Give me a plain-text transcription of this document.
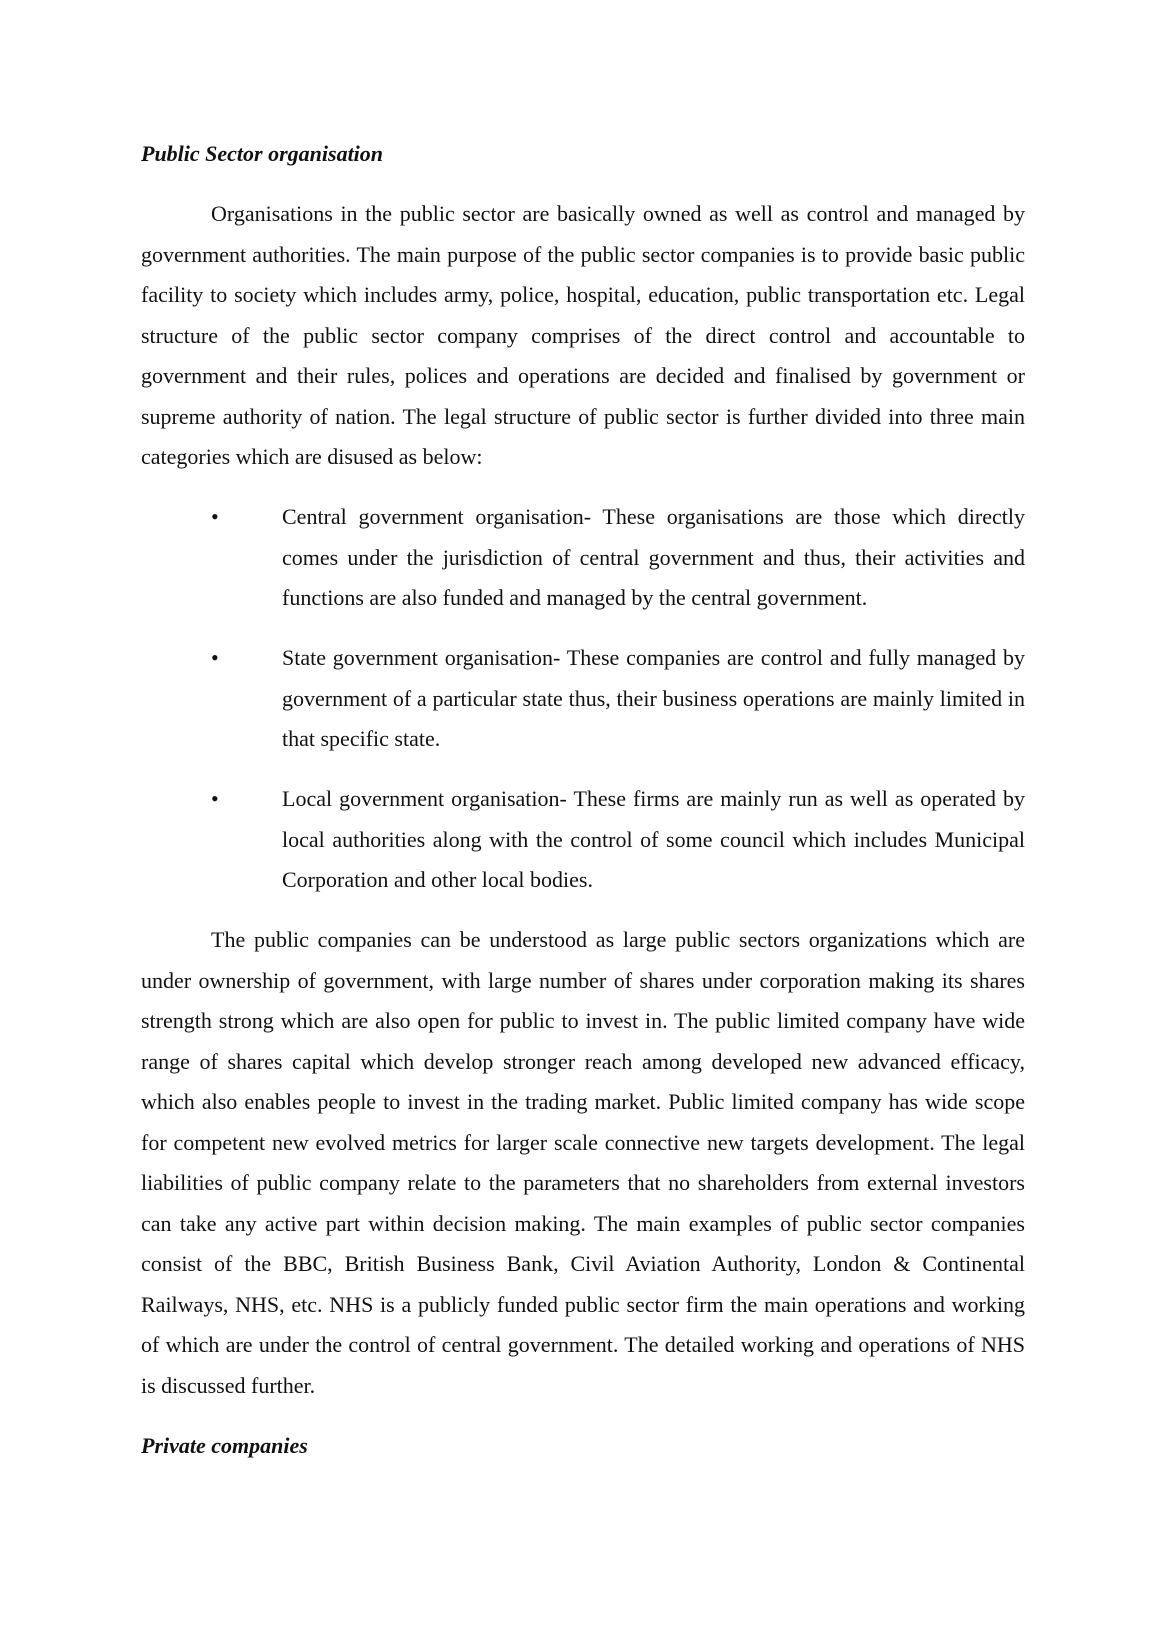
Public Sector organisation

Organisations in the public sector are basically owned as well as control and managed by government authorities. The main purpose of the public sector companies is to provide basic public facility to society which includes army, police, hospital, education, public transportation etc. Legal structure of the public sector company comprises of the direct control and accountable to government and their rules, polices and operations are decided and finalised by government or supreme authority of nation. The legal structure of public sector is further divided into three main categories which are disused as below:

•	Central government organisation- These organisations are those which directly comes under the jurisdiction of central government and thus, their activities and functions are also funded and managed by the central government.
•	State government organisation- These companies are control and fully managed by government of a particular state thus, their business operations are mainly limited in that specific state.
•	Local government organisation- These firms are mainly run as well as operated by local authorities along with the control of some council which includes Municipal Corporation and other local bodies.

The public companies can be understood as large public sectors organizations which are under ownership of government, with large number of shares under corporation making its shares strength strong which are also open for public to invest in. The public limited company have wide range of shares capital which develop stronger reach among developed new advanced efficacy, which also enables people to invest in the trading market. Public limited company has wide scope for competent new evolved metrics for larger scale connective new targets development. The legal liabilities of public company relate to the parameters that no shareholders from external investors can take any active part within decision making. The main examples of public sector companies consist of the BBC, British Business Bank, Civil Aviation Authority, London & Continental Railways, NHS, etc. NHS is a publicly funded public sector firm the main operations and working of which are under the control of central government. The detailed working and operations of NHS is discussed further.

Private companies
